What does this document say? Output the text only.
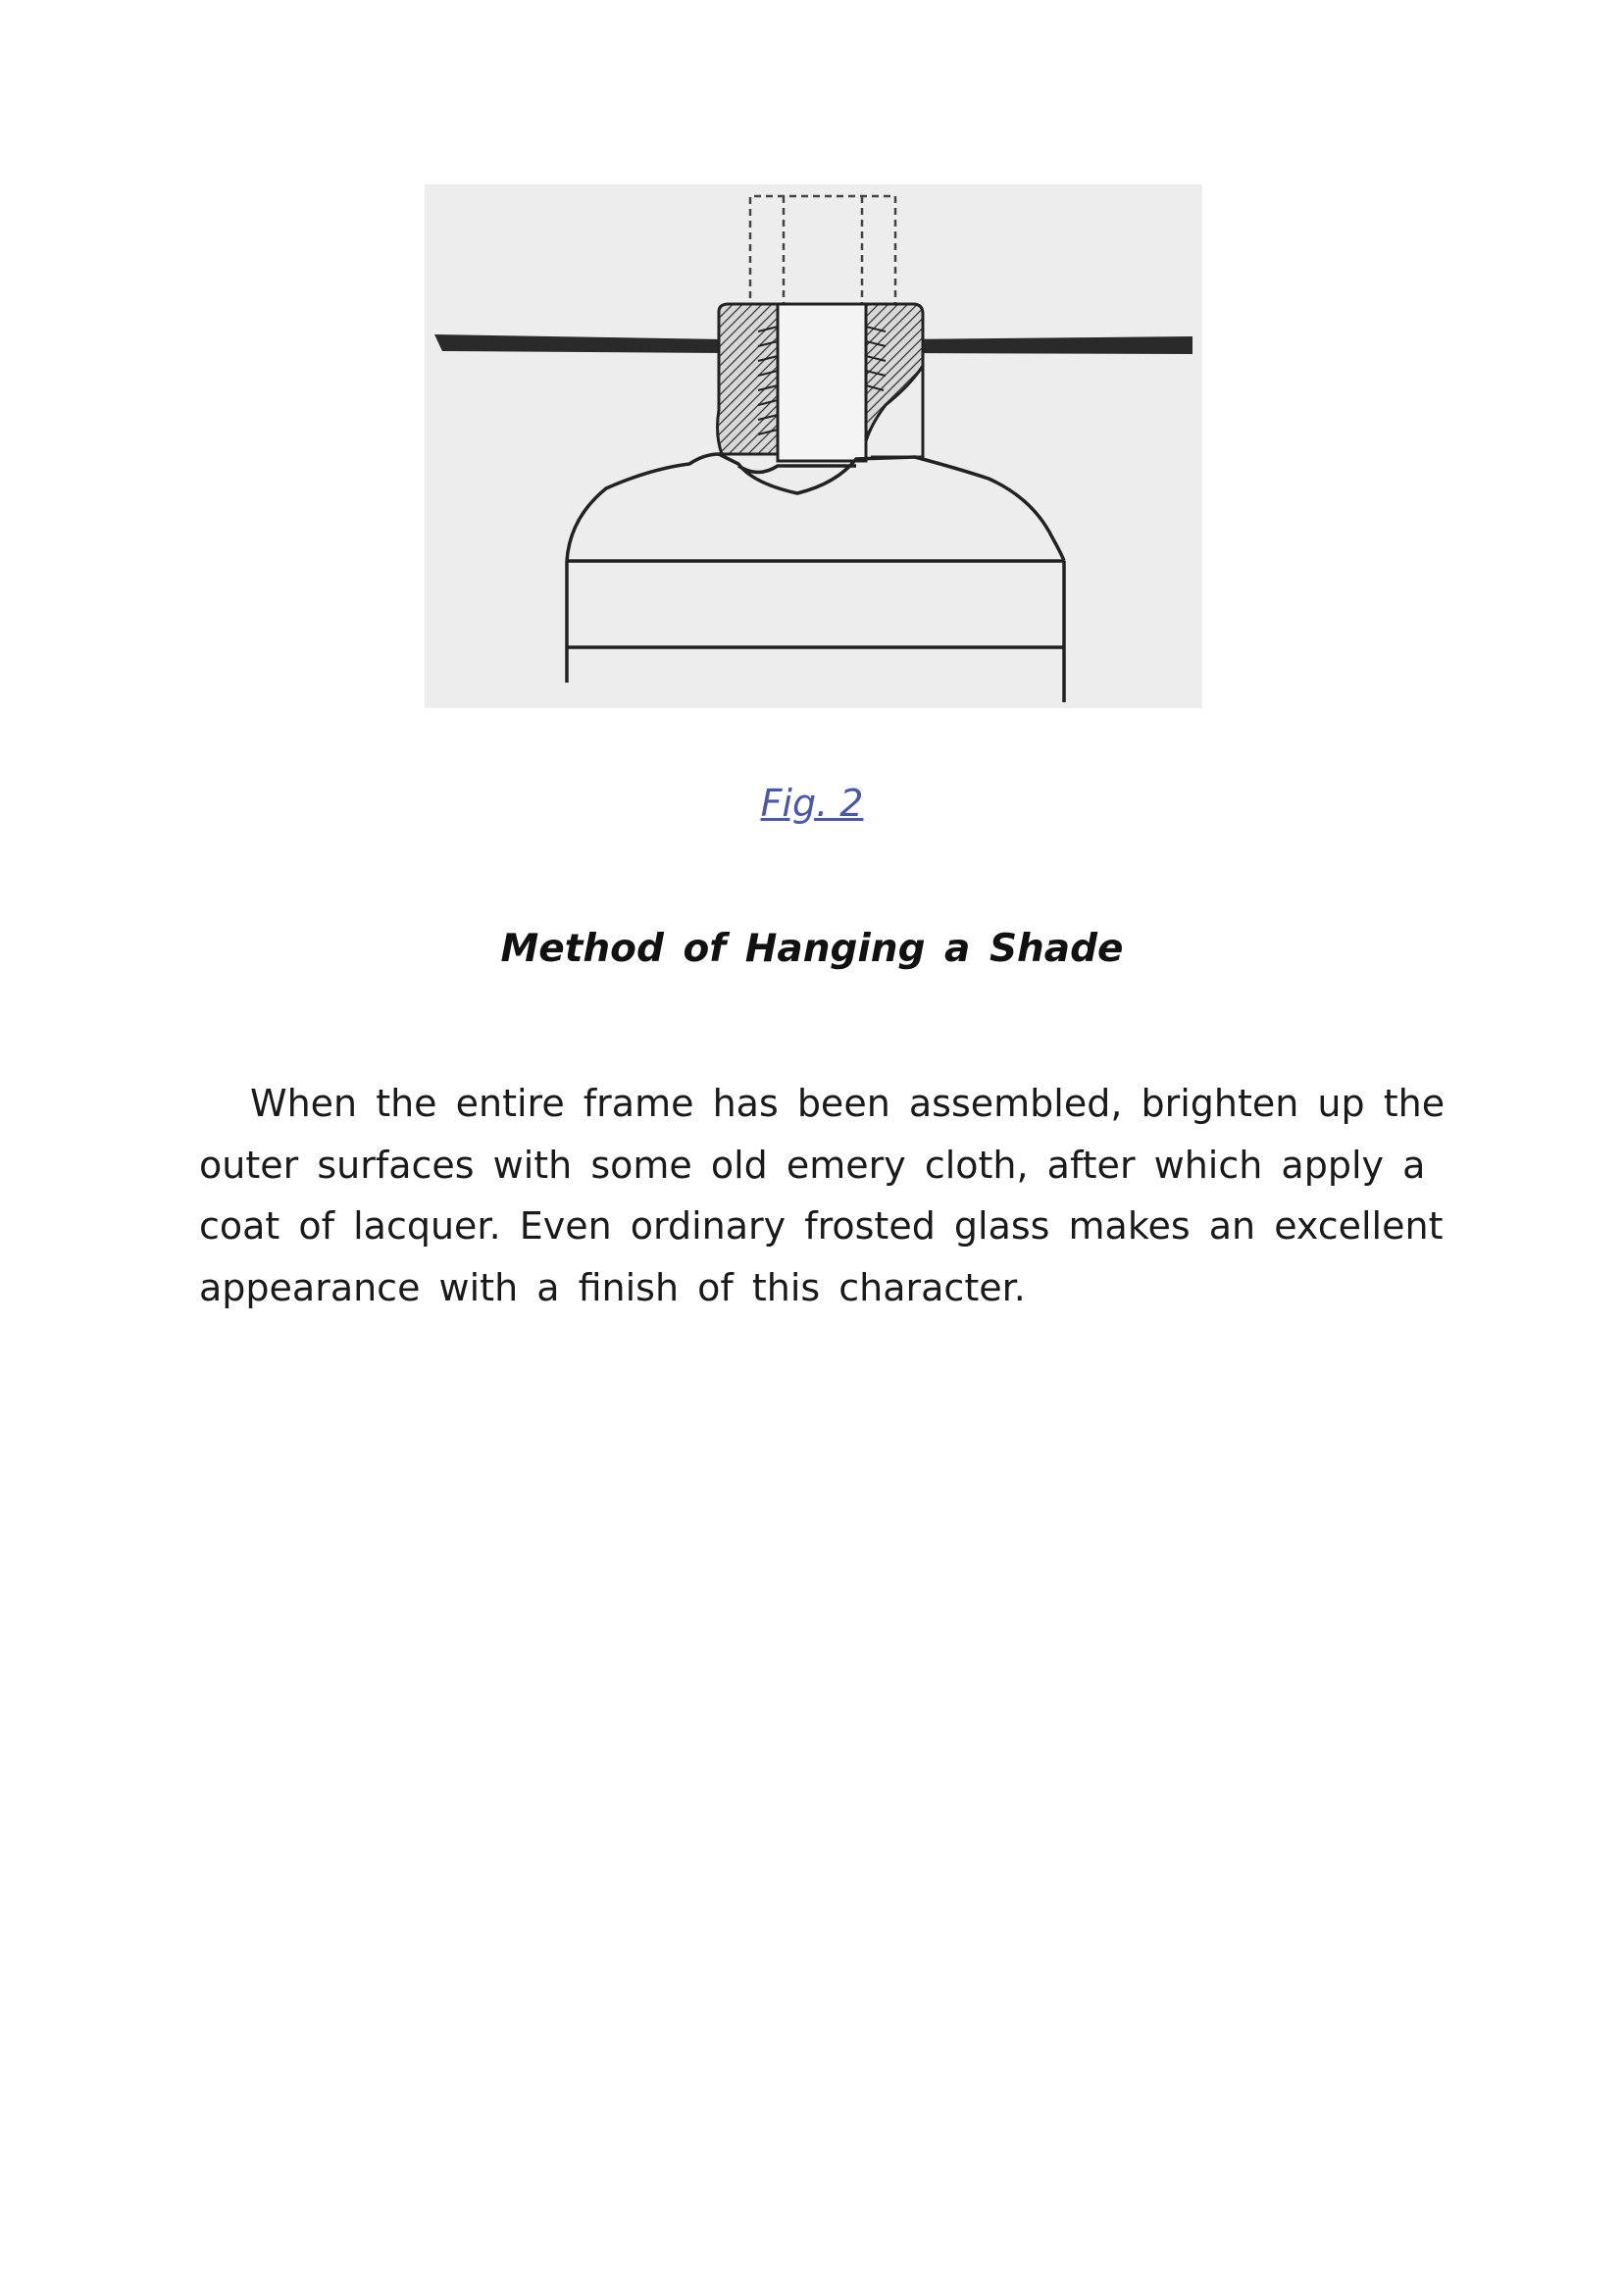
Fig. 2
Method of Hanging a Shade
When the entire frame has been assembled, brighten up the
outer surfaces with some old emery cloth, after which apply a
coat of lacquer. Even ordinary frosted glass makes an excellent
appearance with a finish of this character.
